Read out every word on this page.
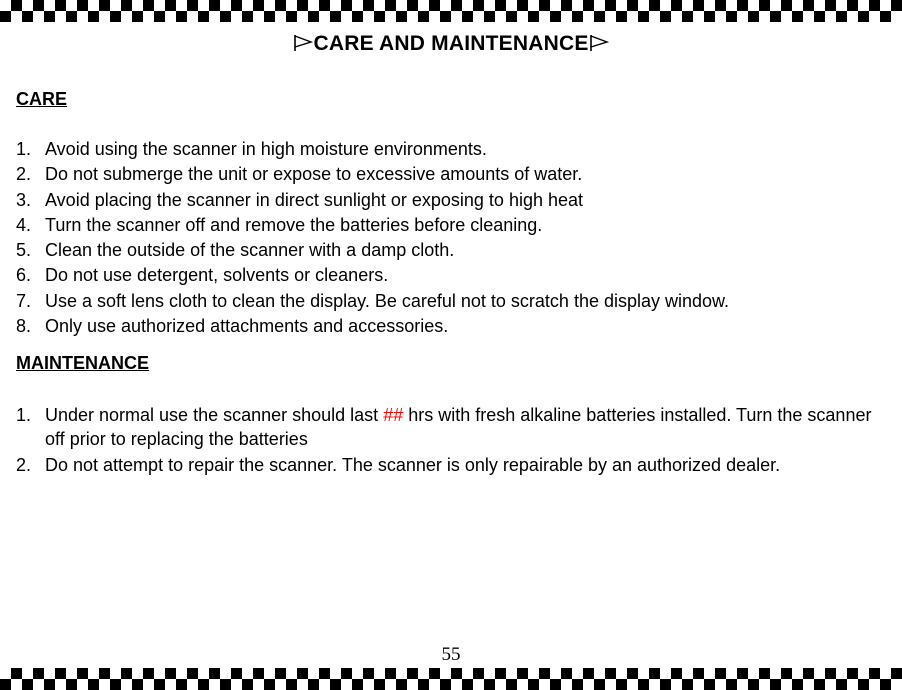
CARE AND MAINTENANCE
CARE
1. Avoid using the scanner in high moisture environments.
2. Do not submerge the unit or expose to excessive amounts of water.
3. Avoid placing the scanner in direct sunlight or exposing to high heat
4. Turn the scanner off and remove the batteries before cleaning.
5. Clean the outside of the scanner with a damp cloth.
6. Do not use detergent, solvents or cleaners.
7. Use a soft lens cloth to clean the display. Be careful not to scratch the display window.
8. Only use authorized attachments and accessories.
MAINTENANCE
1. Under normal use the scanner should last ## hrs with fresh alkaline batteries installed. Turn the scanner off prior to replacing the batteries
2. Do not attempt to repair the scanner. The scanner is only repairable by an authorized dealer.
55
